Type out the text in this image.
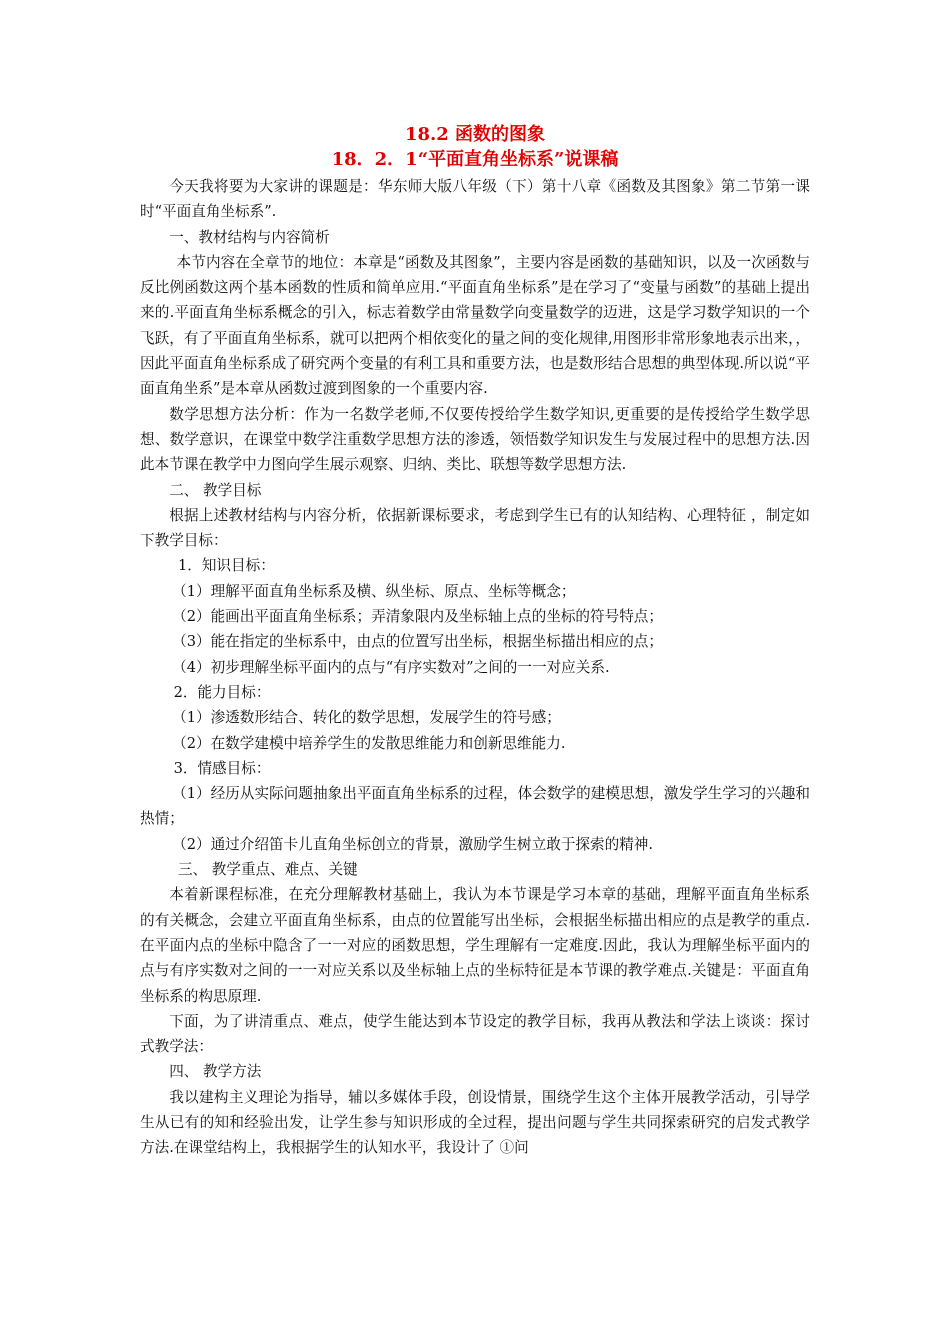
18.2 函数的图象
18．2．1“平面直角坐标系”说课稿

今天我将要为大家讲的课题是：华东师大版八年级（下）第十八章《函数及其图象》第二节第一课时“平面直角坐标系”.

一、教材结构与内容简析

本节内容在全章节的地位：本章是“函数及其图象”，主要内容是函数的基础知识，以及一次函数与反比例函数这两个基本函数的性质和简单应用.“平面直角坐标系”是在学习了“变量与函数”的基础上提出来的.平面直角坐标系概念的引入，标志着数学由常量数学向变量数学的迈进，这是学习数学知识的一个飞跃，有了平面直角坐标系，就可以把两个相依变化的量之间的变化规律,用图形非常形象地表示出来，，因此平面直角坐标系成了研究两个变量的有利工具和重要方法，也是数形结合思想的典型体现.所以说“平面直角坐系”是本章从函数过渡到图象的一个重要内容.

数学思想方法分析：作为一名数学老师,不仅要传授给学生数学知识,更重要的是传授给学生数学思想、数学意识，在课堂中数学注重数学思想方法的渗透，领悟数学知识发生与发展过程中的思想方法.因此本节课在教学中力图向学生展示观察、归纳、类比、联想等数学思想方法.

二、 教学目标

根据上述教材结构与内容分析，依据新课标要求，考虑到学生已有的认知结构、心理特征 ，制定如下教学目标：

1．知识目标：

（1）理解平面直角坐标系及横、纵坐标、原点、坐标等概念；

（2）能画出平面直角坐标系；弄清象限内及坐标轴上点的坐标的符号特点；

（3）能在指定的坐标系中，由点的位置写出坐标，根据坐标描出相应的点；

（4）初步理解坐标平面内的点与“有序实数对”之间的一一对应关系.

2．能力目标：

（1）渗透数形结合、转化的数学思想，发展学生的符号感；

（2）在数学建模中培养学生的发散思维能力和创新思维能力.

3．情感目标：

（1）经历从实际问题抽象出平面直角坐标系的过程，体会数学的建模思想，激发学生学习的兴趣和热情；

（2）通过介绍笛卡儿直角坐标创立的背景，激励学生树立敢于探索的精神.

三、 教学重点、难点、关键

本着新课程标准，在充分理解教材基础上，我认为本节课是学习本章的基础，理解平面直角坐标系的有关概念，会建立平面直角坐标系，由点的位置能写出坐标，会根据坐标描出相应的点是教学的重点.在平面内点的坐标中隐含了一一对应的函数思想，学生理解有一定难度.因此，我认为理解坐标平面内的点与有序实数对之间的一一对应关系以及坐标轴上点的坐标特征是本节课的教学难点.关键是：平面直角坐标系的构思原理.

下面，为了讲清重点、难点，使学生能达到本节设定的教学目标，我再从教法和学法上谈谈：探讨式教学法：

四、 教学方法

我以建构主义理论为指导，辅以多媒体手段，创设情景，围绕学生这个主体开展教学活动，引导学生从已有的知和经验出发，让学生参与知识形成的全过程，提出问题与学生共同探索研究的启发式教学方法.在课堂结构上，我根据学生的认知水平，我设计了 ①问
